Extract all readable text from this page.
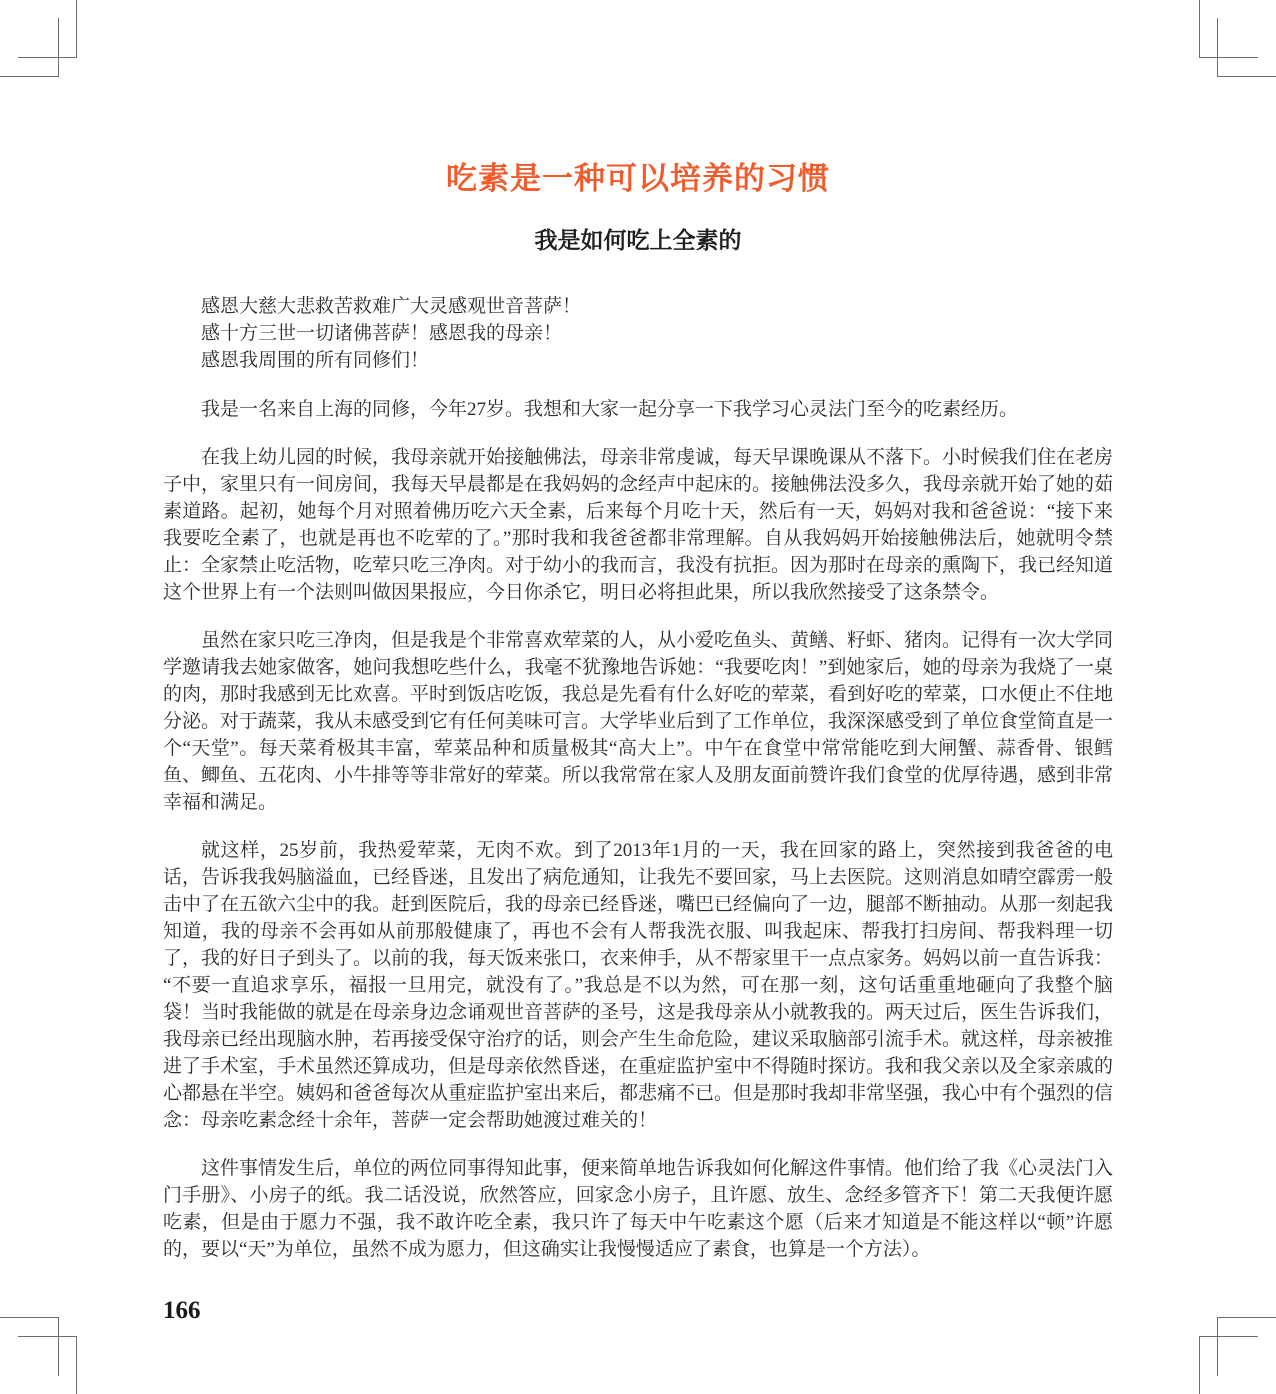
吃素是一种可以培养的习惯
我是如何吃上全素的
感恩大慈大悲救苦救难广大灵感观世音菩萨！
感十方三世一切诸佛菩萨！感恩我的母亲！
感恩我周围的所有同修们！

我是一名来自上海的同修，今年27岁。我想和大家一起分享一下我学习心灵法门至今的吃素经历。

在我上幼儿园的时候，我母亲就开始接触佛法，母亲非常虔诚，每天早课晚课从不落下。小时候我们住在老房子中，家里只有一间房间，我每天早晨都是在我妈妈的念经声中起床的。接触佛法没多久，我母亲就开始了她的茹素道路。起初，她每个月对照着佛历吃六天全素，后来每个月吃十天，然后有一天，妈妈对我和爸爸说：“接下来我要吃全素了，也就是再也不吃荤的了。”那时我和我爸爸都非常理解。自从我妈妈开始接触佛法后，她就明令禁止：全家禁止吃活物，吃荤只吃三净肉。对于幼小的我而言，我没有抗拒。因为那时在母亲的熏陶下，我已经知道这个世界上有一个法则叫做因果报应，今日你杀它，明日必将担此果，所以我欣然接受了这条禁令。

虽然在家只吃三净肉，但是我是个非常喜欢荤菜的人，从小爱吃鱼头、黄鳝、籽虾、猪肉。记得有一次大学同学邀请我去她家做客，她问我想吃些什么，我毫不犹豫地告诉她：“我要吃肉！”到她家后，她的母亲为我烧了一桌的肉，那时我感到无比欢喜。平时到饭店吃饭，我总是先看有什么好吃的荤菜，看到好吃的荤菜，口水便止不住地分泌。对于蔬菜，我从未感受到它有任何美味可言。大学毕业后到了工作单位，我深深感受到了单位食堂简直是一个“天堂”。每天菜肴极其丰富，荤菜品种和质量极其“高大上”。中午在食堂中常常能吃到大闸蟹、蒜香骨、银鳕鱼、鲫鱼、五花肉、小牛排等等非常好的荤菜。所以我常常在家人及朋友面前赞许我们食堂的优厚待遇，感到非常幸福和满足。

就这样，25岁前，我热爱荤菜，无肉不欢。到了2013年1月的一天，我在回家的路上，突然接到我爸爸的电话，告诉我我妈脑溢血，已经昏迷，且发出了病危通知，让我先不要回家，马上去医院。这则消息如晴空霹雳一般击中了在五欲六尘中的我。赶到医院后，我的母亲已经昏迷，嘴巴已经偏向了一边，腿部不断抽动。从那一刻起我知道，我的母亲不会再如从前那般健康了，再也不会有人帮我洗衣服、叫我起床、帮我打扫房间、帮我料理一切了，我的好日子到头了。以前的我，每天饭来张口，衣来伸手，从不帮家里干一点点家务。妈妈以前一直告诉我：“不要一直追求享乐，福报一旦用完，就没有了。”我总是不以为然，可在那一刻，这句话重重地砸向了我整个脑袋！当时我能做的就是在母亲身边念诵观世音菩萨的圣号，这是我母亲从小就教我的。两天过后，医生告诉我们，我母亲已经出现脑水肿，若再接受保守治疗的话，则会产生生命危险，建议采取脑部引流手术。就这样，母亲被推进了手术室，手术虽然还算成功，但是母亲依然昏迷，在重症监护室中不得随时探访。我和我父亲以及全家亲戚的心都悬在半空。姨妈和爸爸每次从重症监护室出来后，都悲痛不已。但是那时我却非常坚强，我心中有个强烈的信念：母亲吃素念经十余年，菩萨一定会帮助她渡过难关的！

这件事情发生后，单位的两位同事得知此事，便来简单地告诉我如何化解这件事情。他们给了我《心灵法门入门手册》、小房子的纸。我二话没说，欣然答应，回家念小房子，且许愿、放生、念经多管齐下！第二天我便许愿吃素，但是由于愿力不强，我不敢许吃全素，我只许了每天中午吃素这个愿（后来才知道是不能这样以“顿”许愿的，要以“天”为单位，虽然不成为愿力，但这确实让我慢慢适应了素食，也算是一个方法）。

166
